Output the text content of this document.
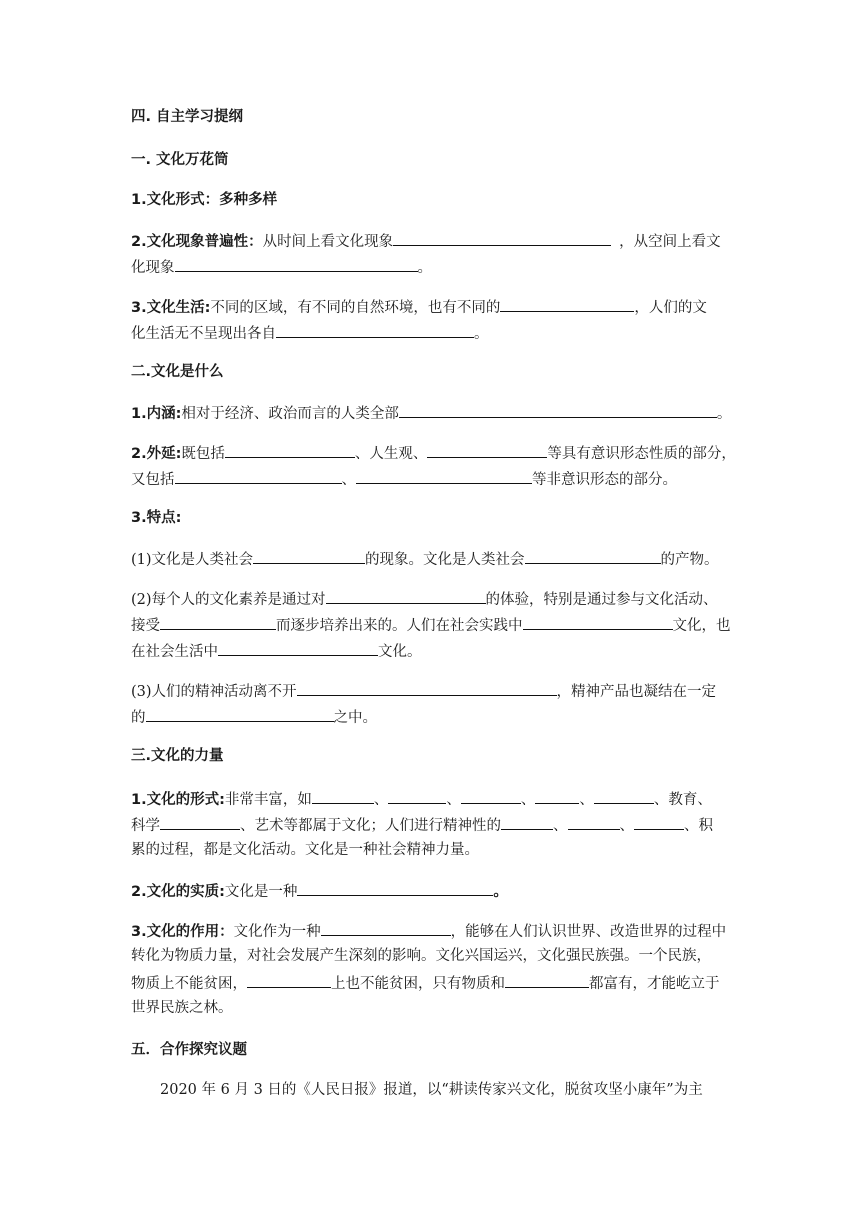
四. 自主学习提纲
一. 文化万花筒
1.文化形式：多种多样
2.文化现象普遍性：从时间上看文化现象	，从空间上看文
化现象	。
3.文化生活:不同的区域，有不同的自然环境，也有不同的	，人们的文
化生活无不呈现出各自	。
二.文化是什么
1.内涵:相对于经济、政治而言的人类全部	。
2.外延:既包括	、人生观、	等具有意识形态性质的部分，
又包括	、	等非意识形态的部分。
3.特点:
(1)文化是人类社会	的现象。文化是人类社会	的产物。
(2)每个人的文化素养是通过对	的体验，特别是通过参与文化活动、
接受	而逐步培养出来的。人们在社会实践中	文化，也
在社会生活中	文化。
(3)人们的精神活动离不开	，精神产品也凝结在一定
的	之中。
三.文化的力量
1.文化的形式:非常丰富，如	、	、	、	、	、教育、
科学	、艺术等都属于文化；人们进行精神性的	、	、	、积
累的过程，都是文化活动。文化是一种社会精神力量。
2.文化的实质:文化是一种	。
3.文化的作用：文化作为一种	，能够在人们认识世界、改造世界的过程中
转化为物质力量，对社会发展产生深刻的影响。文化兴国运兴，文化强民族强。一个民族，
物质上不能贫困，	上也不能贫困，只有物质和	都富有，才能屹立于
世界民族之林。
五．合作探究议题
2020 年 6 月 3 日的《人民日报》报道，以“耕读传家兴文化，脱贫攻坚小康年”为主
